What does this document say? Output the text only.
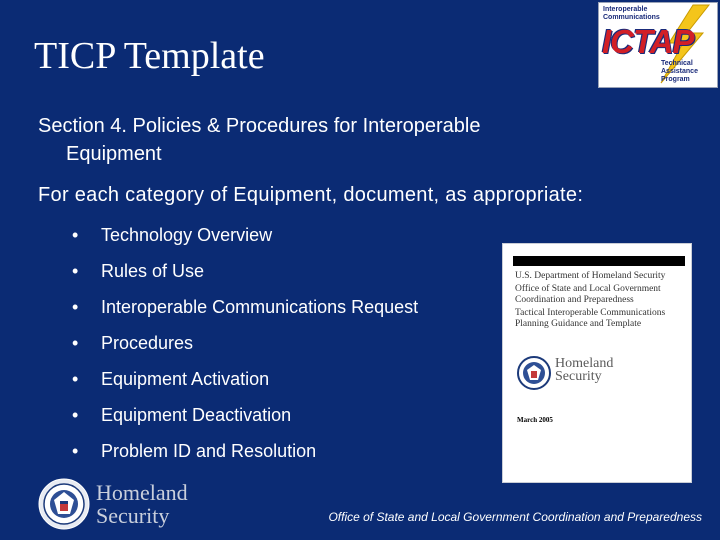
TICP Template
Interoperable
Communications
ICTAP
Technical
Assistance
Program
Section 4. Policies & Procedures for Interoperable
Equipment
For each category of Equipment, document, as appropriate:
•	Technology Overview
•	Rules of Use
•	Interoperable Communications Request
•	Procedures
•	Equipment Activation
•	Equipment Deactivation
•	Problem ID and Resolution
U.S. Department of Homeland Security
Office of State and Local Government
Coordination and Preparedness
Tactical Interoperable Communications
Planning Guidance and Template
Homeland
Security
March 2005
Homeland
Security	Office of State and Local Government Coordination and Preparedness
